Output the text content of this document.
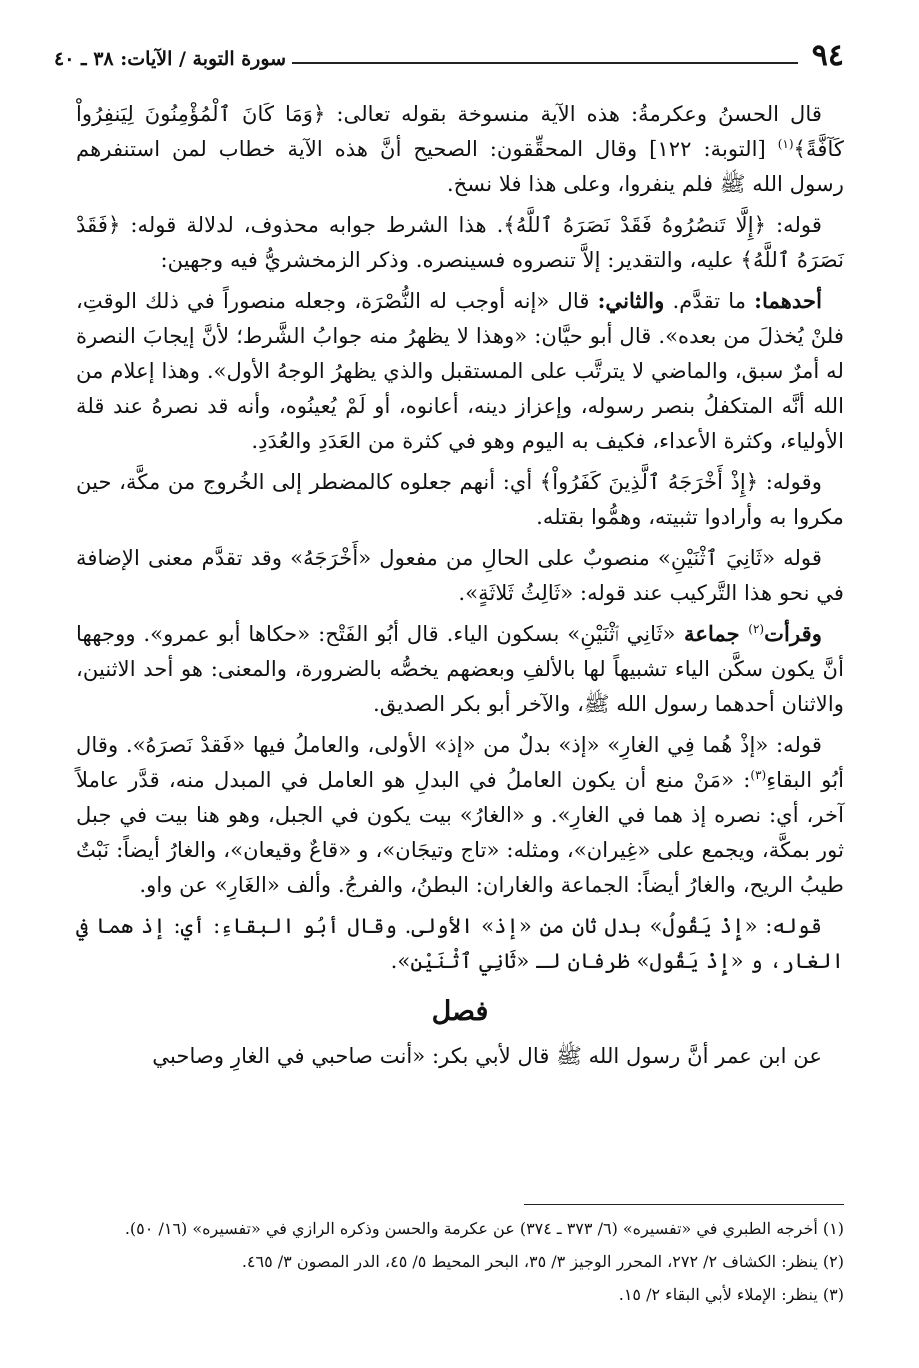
٩٤
سورة التوبة / الآيات: ٣٨ ـ ٤٠

قال الحسنُ وعكرمةُ: هذه الآية منسوخة بقوله تعالى: ﴿وَمَا كَانَ ٱلْمُؤْمِنُونَ لِيَنفِرُواْ كَآفَّةً﴾$^{(١)}$ [التوبة: ١٢٢] وقال المحقِّقون: الصحيح أنَّ هذه الآية خطاب لمن استنفرهم رسول الله ﷺ فلم ينفروا، وعلى هذا فلا نسخ.

قوله: ﴿إِلَّا تَنصُرُوهُ فَقَدْ نَصَرَهُ ٱللَّهُ﴾. هذا الشرط جوابه محذوف، لدلالة قوله: ﴿فَقَدْ نَصَرَهُ ٱللَّهُ﴾ عليه، والتقدير: إلاَّ تنصروه فسينصره. وذكر الزمخشريُّ فيه وجهين:

أحدهما: ما تقدَّم. والثاني: قال «إنه أوجب له النُّصْرَة، وجعله منصوراً في ذلك الوقتِ، فلنْ يُخذلَ من بعده». قال أبو حيَّان: «وهذا لا يظهرُ منه جوابُ الشَّرط؛ لأنَّ إيجابَ النصرة له أمرٌ سبق، والماضي لا يترتَّب على المستقبل والذي يظهرُ الوجهُ الأول». وهذا إعلام من الله أنَّه المتكفلُ بنصر رسوله، وإعزاز دينه، أعانوه، أو لَمْ يُعينُوه، وأنه قد نصرهُ عند قلة الأولياء، وكثرة الأعداء، فكيف به اليوم وهو في كثرة من العَدَدِ والعُدَدِ.

وقوله: ﴿إِذْ أَخْرَجَهُ ٱلَّذِينَ كَفَرُواْ﴾ أي: أنهم جعلوه كالمضطر إلى الخُروج من مكَّة، حين مكروا به وأرادوا تثبيته، وهمُّوا بقتله.

قوله «ثَانِيَ ٱثْنَيْنِ» منصوبٌ على الحالِ من مفعول «أَخْرَجَهُ» وقد تقدَّم معنى الإضافة في نحو هذا التَّركيب عند قوله: «ثَالِثُ ثَلاثَةٍ».

وقرأت$^{(٢)}$ جماعة «ثَانِي ٱثْنَيْنِ» بسكون الياء. قال أبُو الفَتْح: «حكاها أبو عمرو». ووجهها أنَّ يكون سكَّن الياء تشبيهاً لها بالألفِ وبعضهم يخصُّه بالضرورة، والمعنى: هو أحد الاثنين، والاثنان أحدهما رسول الله ﷺ، والآخر أبو بكر الصديق.

قوله: «إذْ هُما فِي الغارِ» «إذ» بدلٌ من «إذ» الأولى، والعاملُ فيها «فَقدْ نَصرَهُ». وقال أبُو البقاءِ$^{(٣)}$: «مَنْ منع أن يكون العاملُ في البدلِ هو العامل في المبدل منه، قدَّر عاملاً آخر، أي: نصره إذ هما في الغارِ». و «الغارُ» بيت يكون في الجبل، وهو هنا بيت في جبل ثور بمكَّة، ويجمع على «غِيران»، ومثله: «تاج وتيجَان»، و «قاعٌ وقيعان»، والغارُ أيضاً: نَبْتٌ طيبُ الريح، والغارُ أيضاً: الجماعة والغاران: البطنُ، والفرجُ. وألف «الغَارِ» عن واو.

قوله: «إِذْ يَقُولُ» بدل ثان من «إذ» الأولى. وقال أبُو البقاءِ: أي: إذ هما في الغار، و «إِذْ يَقُول» ظرفان لـ «ثَانِي ٱثْنَيْنِ».

فصل

عن ابن عمر أنَّ رسول الله ﷺ قال لأبي بكر: «أنت صاحبي في الغارِ وصاحبي

(١) أخرجه الطبري في «تفسيره» (٦/ ٣٧٣ ـ ٣٧٤) عن عكرمة والحسن وذكره الرازي في «تفسيره» (١٦/ ٥٠).
(٢) ينظر: الكشاف ٢/ ٢٧٢، المحرر الوجيز ٣/ ٣٥، البحر المحيط ٥/ ٤٥، الدر المصون ٣/ ٤٦٥.
(٣) ينظر: الإملاء لأبي البقاء ٢/ ١٥.
